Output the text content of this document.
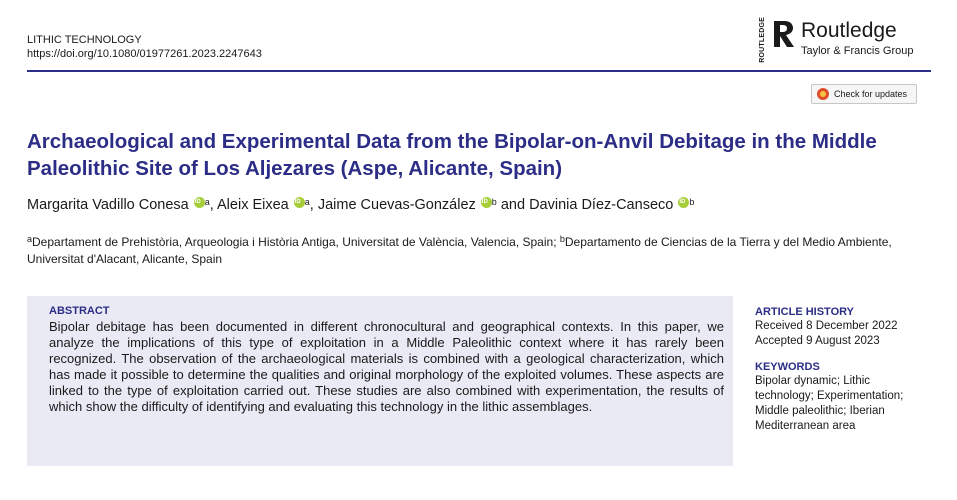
LITHIC TECHNOLOGY
https://doi.org/10.1080/01977261.2023.2247643	ROUTLEDGE Routledge
Taylor & Francis Group
Check for updates
Archaeological and Experimental Data from the Bipolar-on-Anvil Debitage in the Middle Paleolithic Site of Los Aljezares (Aspe, Alicante, Spain)
Margarita Vadillo Conesa iD $^a$, Aleix Eixea iD $^a$, Jaime Cuevas-González iD $^b$ and Davinia Díez-Canseco iD $^b$
$^a$Departament de Prehistòria, Arqueologia i Història Antiga, Universitat de València, Valencia, Spain; $^b$Departamento de Ciencias de la Tierra y del Medio Ambiente, Universitat d'Alacant, Alicante, Spain
ABSTRACT
Bipolar debitage has been documented in different chronocultural and geographical contexts. In this paper, we analyze the implications of this type of exploitation in a Middle Paleolithic context where it has rarely been recognized. The observation of the archaeological materials is combined with a geological characterization, which has made it possible to determine the qualities and original morphology of the exploited volumes. These aspects are linked to the type of exploitation carried out. These studies are also combined with experimentation, the results of which show the difficulty of identifying and evaluating this technology in the lithic assemblages.
ARTICLE HISTORY
Received 8 December 2022
Accepted 9 August 2023
KEYWORDS
Bipolar dynamic; Lithic technology; Experimentation; Middle paleolithic; Iberian Mediterranean area
